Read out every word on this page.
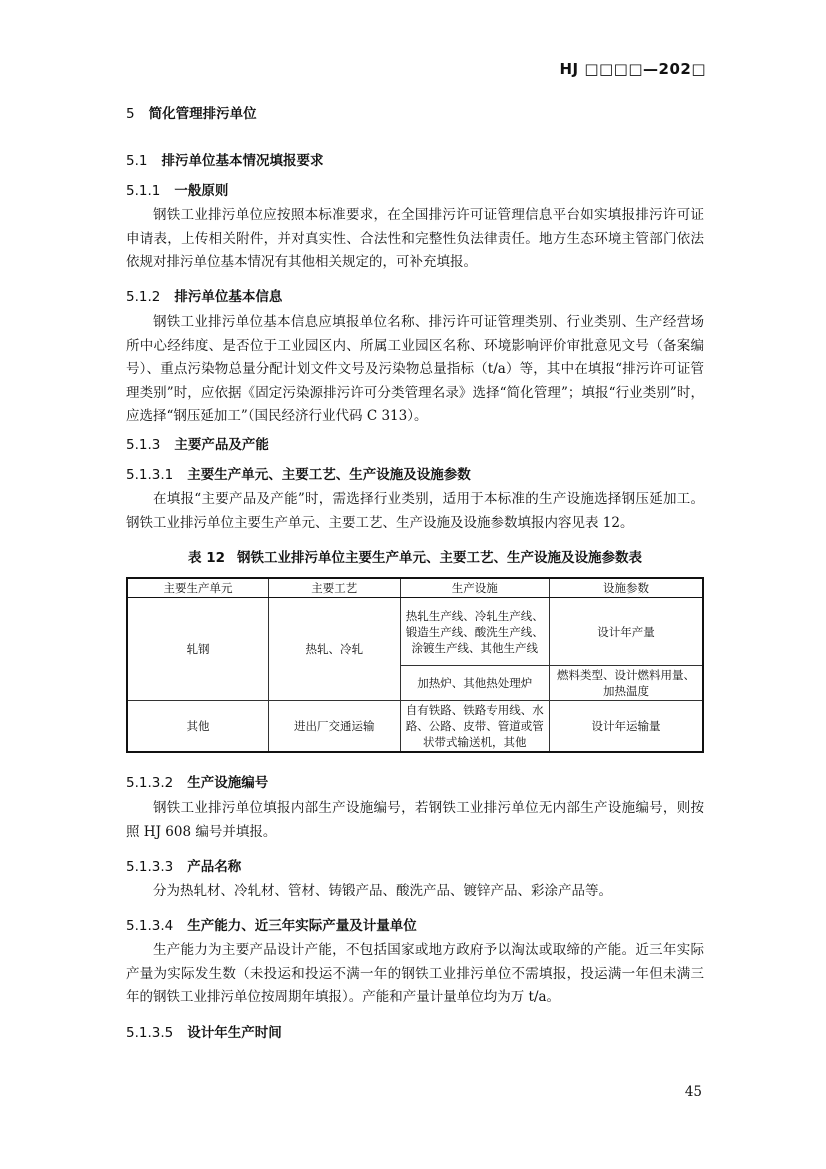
HJ □□□□—202□
5 简化管理排污单位
5.1 排污单位基本情况填报要求
5.1.1 一般原则
钢铁工业排污单位应按照本标准要求，在全国排污许可证管理信息平台如实填报排污许可证申请表，上传相关附件，并对真实性、合法性和完整性负法律责任。地方生态环境主管部门依法依规对排污单位基本情况有其他相关规定的，可补充填报。
5.1.2 排污单位基本信息
钢铁工业排污单位基本信息应填报单位名称、排污许可证管理类别、行业类别、生产经营场所中心经纬度、是否位于工业园区内、所属工业园区名称、环境影响评价审批意见文号（备案编号）、重点污染物总量分配计划文件文号及污染物总量指标（t/a）等，其中在填报“排污许可证管理类别”时，应依据《固定污染源排污许可分类管理名录》选择“简化管理”；填报“行业类别”时，应选择“钢压延加工”（国民经济行业代码 C 313）。
5.1.3 主要产品及产能
5.1.3.1 主要生产单元、主要工艺、生产设施及设施参数
在填报“主要产品及产能”时，需选择行业类别，适用于本标准的生产设施选择钢压延加工。钢铁工业排污单位主要生产单元、主要工艺、生产设施及设施参数填报内容见表 12。
表 12 钢铁工业排污单位主要生产单元、主要工艺、生产设施及设施参数表
主要生产单元	主要工艺	生产设施	设施参数
轧钢	热轧、冷轧	热轧生产线、冷轧生产线、锻造生产线、酸洗生产线、涂镀生产线、其他生产线	设计年产量
		加热炉、其他热处理炉	燃料类型、设计燃料用量、加热温度
其他	进出厂交通运输	自有铁路、铁路专用线、水路、公路、皮带、管道或管状带式输送机，其他	设计年运输量
5.1.3.2 生产设施编号
钢铁工业排污单位填报内部生产设施编号，若钢铁工业排污单位无内部生产设施编号，则按照 HJ 608 编号并填报。
5.1.3.3 产品名称
分为热轧材、冷轧材、管材、铸锻产品、酸洗产品、镀锌产品、彩涂产品等。
5.1.3.4 生产能力、近三年实际产量及计量单位
生产能力为主要产品设计产能，不包括国家或地方政府予以淘汰或取缔的产能。近三年实际产量为实际发生数（未投运和投运不满一年的钢铁工业排污单位不需填报，投运满一年但未满三年的钢铁工业排污单位按周期年填报）。产能和产量计量单位均为万 t/a。
5.1.3.5 设计年生产时间
45
